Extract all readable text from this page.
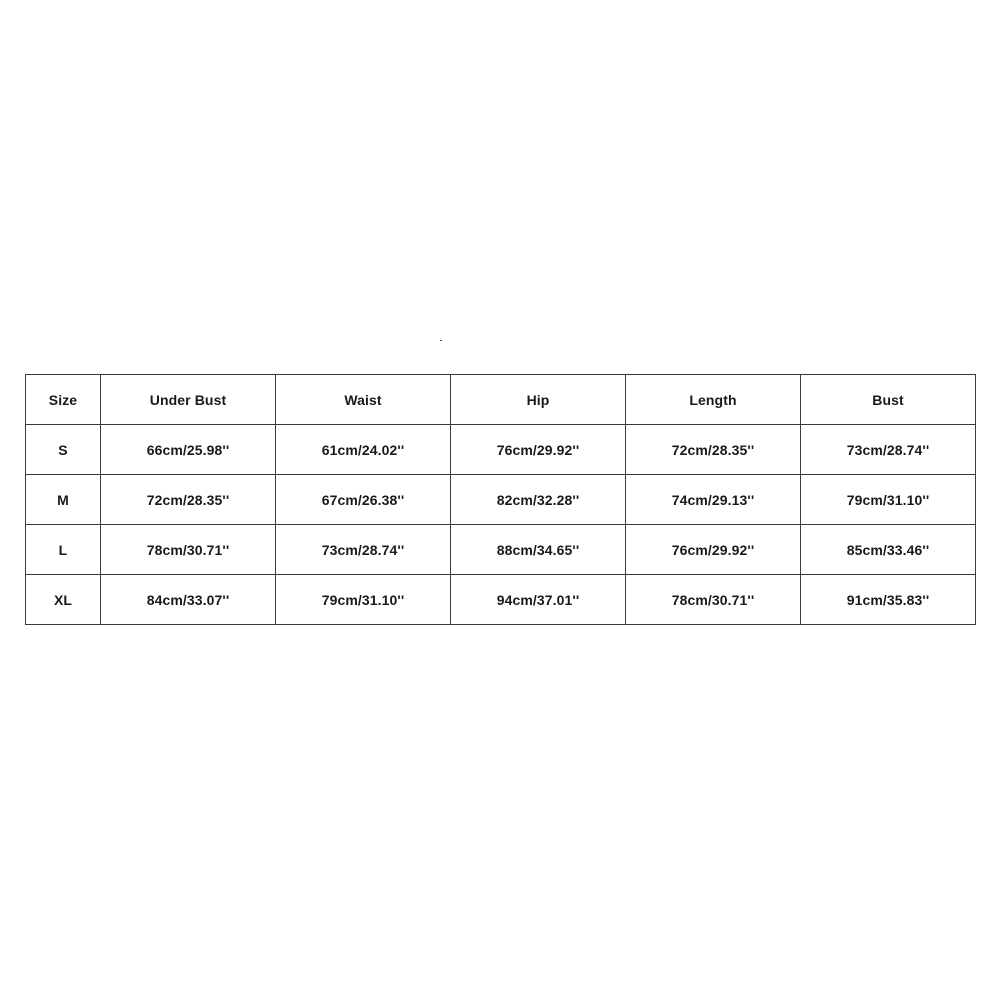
Size	Under Bust	Waist	Hip	Length	Bust
S	66cm/25.98''	61cm/24.02''	76cm/29.92''	72cm/28.35''	73cm/28.74''
M	72cm/28.35''	67cm/26.38''	82cm/32.28''	74cm/29.13''	79cm/31.10''
L	78cm/30.71''	73cm/28.74''	88cm/34.65''	76cm/29.92''	85cm/33.46''
XL	84cm/33.07''	79cm/31.10''	94cm/37.01''	78cm/30.71''	91cm/35.83''
